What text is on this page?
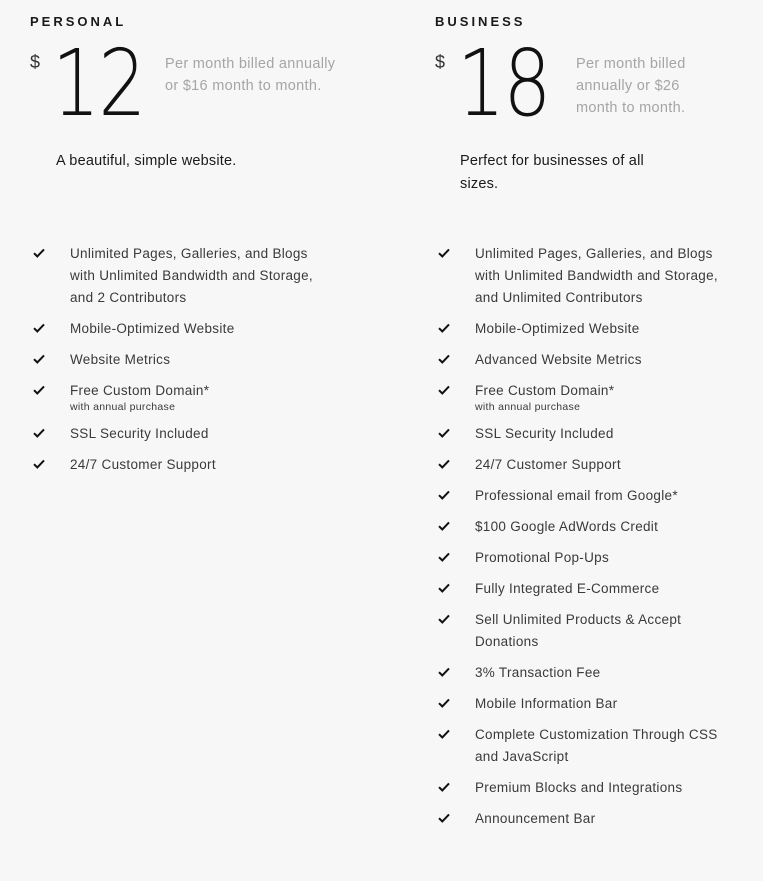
PERSONAL
$ 12 Per month billed annually or $16 month to month.
A beautiful, simple website.
Unlimited Pages, Galleries, and Blogs with Unlimited Bandwidth and Storage, and 2 Contributors
Mobile-Optimized Website
Website Metrics
Free Custom Domain*
with annual purchase
SSL Security Included
24/7 Customer Support
BUSINESS
$ 18 Per month billed annually or $26 month to month.
Perfect for businesses of all sizes.
Unlimited Pages, Galleries, and Blogs with Unlimited Bandwidth and Storage, and Unlimited Contributors
Mobile-Optimized Website
Advanced Website Metrics
Free Custom Domain*
with annual purchase
SSL Security Included
24/7 Customer Support
Professional email from Google*
$100 Google AdWords Credit
Promotional Pop-Ups
Fully Integrated E-Commerce
Sell Unlimited Products & Accept Donations
3% Transaction Fee
Mobile Information Bar
Complete Customization Through CSS and JavaScript
Premium Blocks and Integrations
Announcement Bar
